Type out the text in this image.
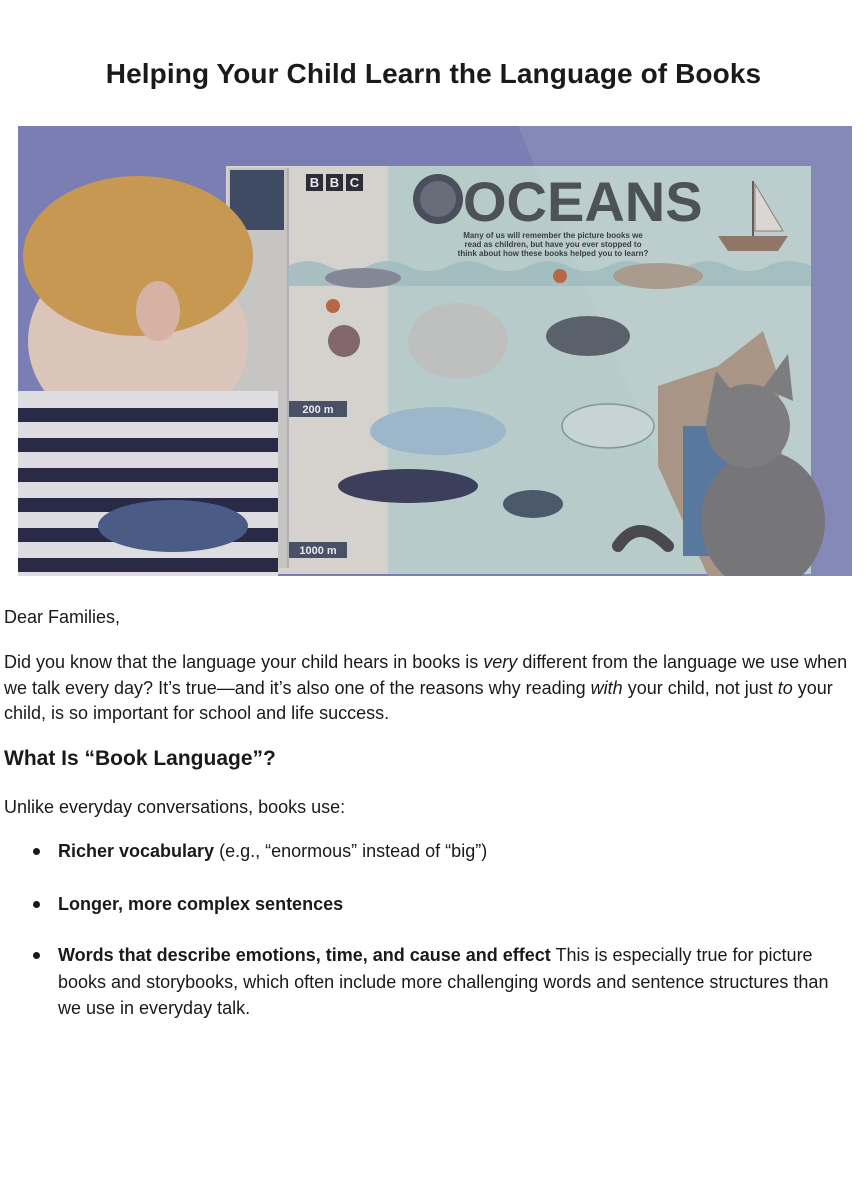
Helping Your Child Learn the Language of Books
B B C OCEANS
Many of us will remember the picture books we
read as children, but have you ever stopped to
think about how these books helped you to learn?
200 m
1000 m
Dear Families,
Did you know that the language your child hears in books is very different from the language we use when we talk every day? It’s true—and it’s also one of the reasons why reading with your child, not just to your child, is so important for school and life success.
What Is “Book Language”?
Unlike everyday conversations, books use:
Richer vocabulary (e.g., “enormous” instead of “big”)
Longer, more complex sentences
Words that describe emotions, time, and cause and effect This is especially true for picture books and storybooks, which often include more challenging words and sentence structures than we use in everyday talk.
